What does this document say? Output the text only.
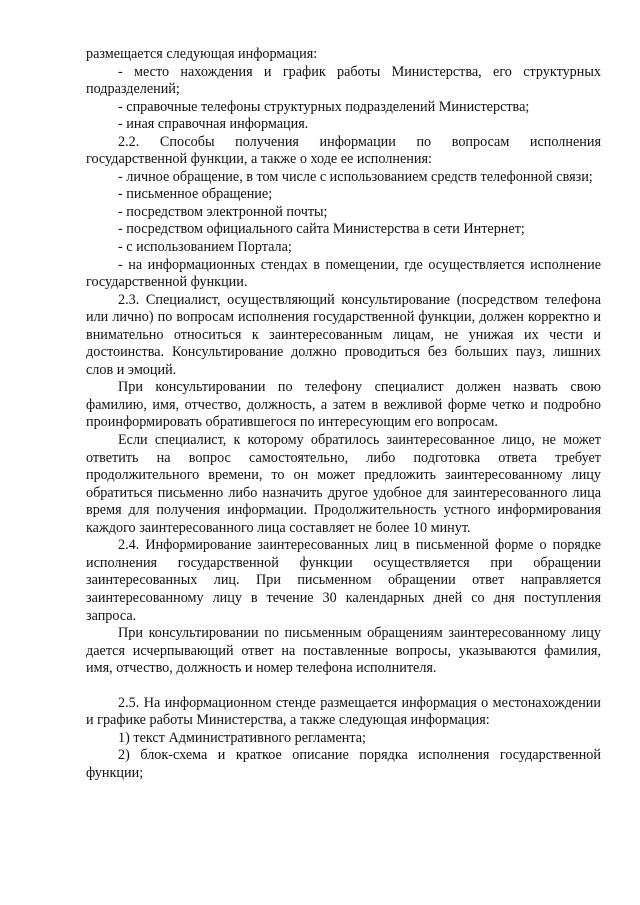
размещается следующая информация:

- место нахождения и график работы Министерства, его структурных подразделений;

- справочные телефоны структурных подразделений Министерства;

- иная справочная информация.

2.2. Способы получения информации по вопросам исполнения государственной функции, а также о ходе ее исполнения:

- личное обращение, в том числе с использованием средств телефонной связи;

- письменное обращение;

- посредством электронной почты;

- посредством официального сайта Министерства в сети Интернет;

- с использованием Портала;

- на информационных стендах в помещении, где осуществляется исполнение государственной функции.

2.3. Специалист, осуществляющий консультирование (посредством телефона или лично) по вопросам исполнения государственной функции, должен корректно и внимательно относиться к заинтересованным лицам, не унижая их чести и достоинства. Консультирование должно проводиться без больших пауз, лишних слов и эмоций.

При консультировании по телефону специалист должен назвать свою фамилию, имя, отчество, должность, а затем в вежливой форме четко и подробно проинформировать обратившегося по интересующим его вопросам.

Если специалист, к которому обратилось заинтересованное лицо, не может ответить на вопрос самостоятельно, либо подготовка ответа требует продолжительного времени, то он может предложить заинтересованному лицу обратиться письменно либо назначить другое удобное для заинтересованного лица время для получения информации. Продолжительность устного информирования каждого заинтересованного лица составляет не более 10 минут.

2.4. Информирование заинтересованных лиц в письменной форме о порядке исполнения государственной функции осуществляется при обращении заинтересованных лиц. При письменном обращении ответ направляется заинтересованному лицу в течение 30 календарных дней со дня поступления запроса.

При консультировании по письменным обращениям заинтересованному лицу дается исчерпывающий ответ на поставленные вопросы, указываются фамилия, имя, отчество, должность и номер телефона исполнителя.

2.5. На информационном стенде размещается информация о местонахождении и графике работы Министерства, а также следующая информация:

1) текст Административного регламента;

2) блок-схема и краткое описание порядка исполнения государственной функции;
